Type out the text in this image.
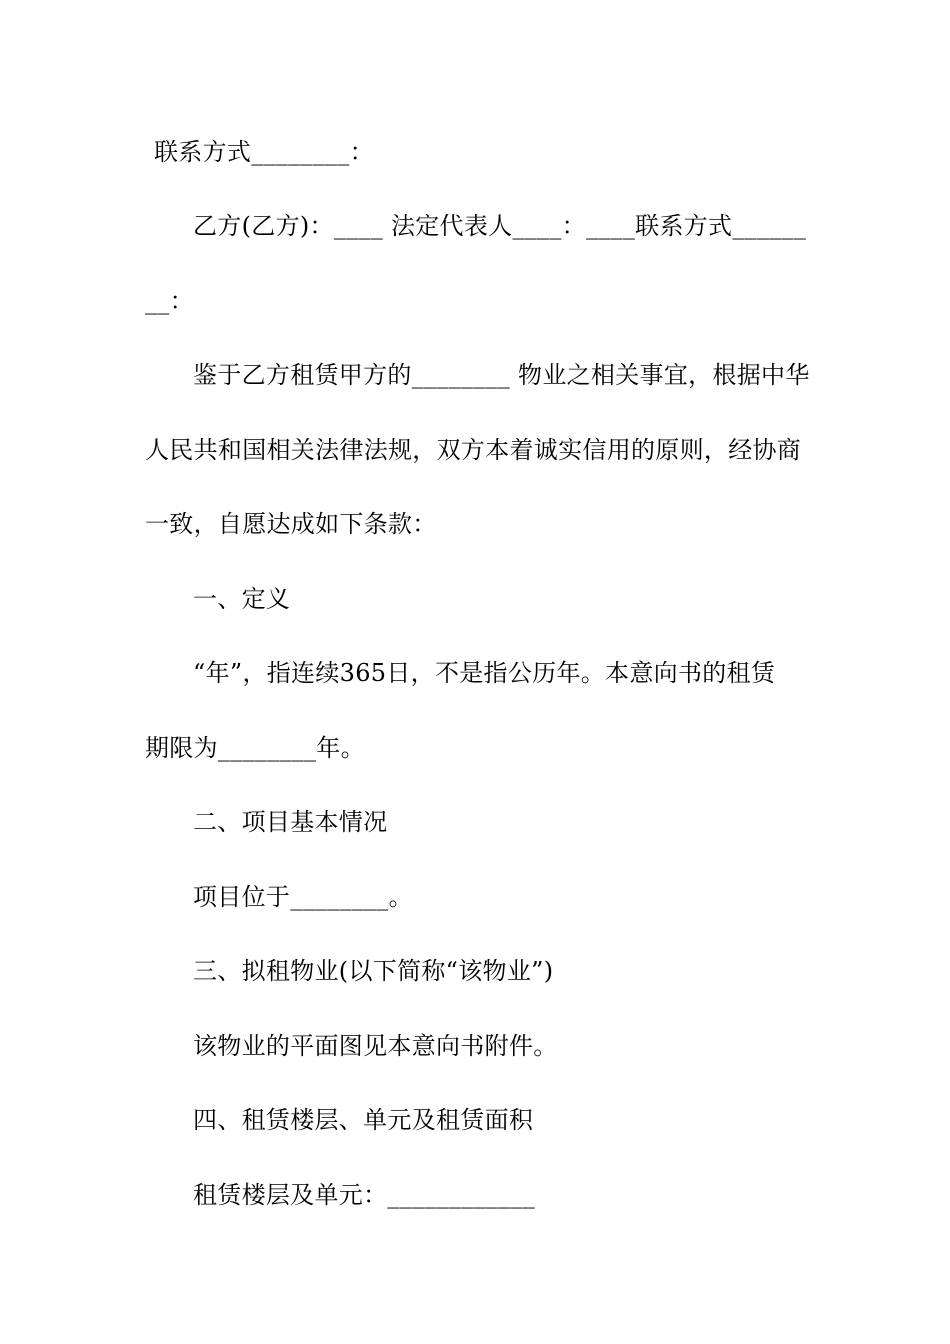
联系方式________：
乙方(乙方)：____ 法定代表人____：____联系方式______
__：
鉴于乙方租赁甲方的________ 物业之相关事宜，根据中华
人民共和国相关法律法规，双方本着诚实信用的原则，经协商
一致，自愿达成如下条款：
一、定义
“年”，指连续365日，不是指公历年。本意向书的租赁
期限为________年。
二、项目基本情况
项目位于________。
三、拟租物业(以下简称“该物业”)
该物业的平面图见本意向书附件。
四、租赁楼层、单元及租赁面积
租赁楼层及单元：____________
